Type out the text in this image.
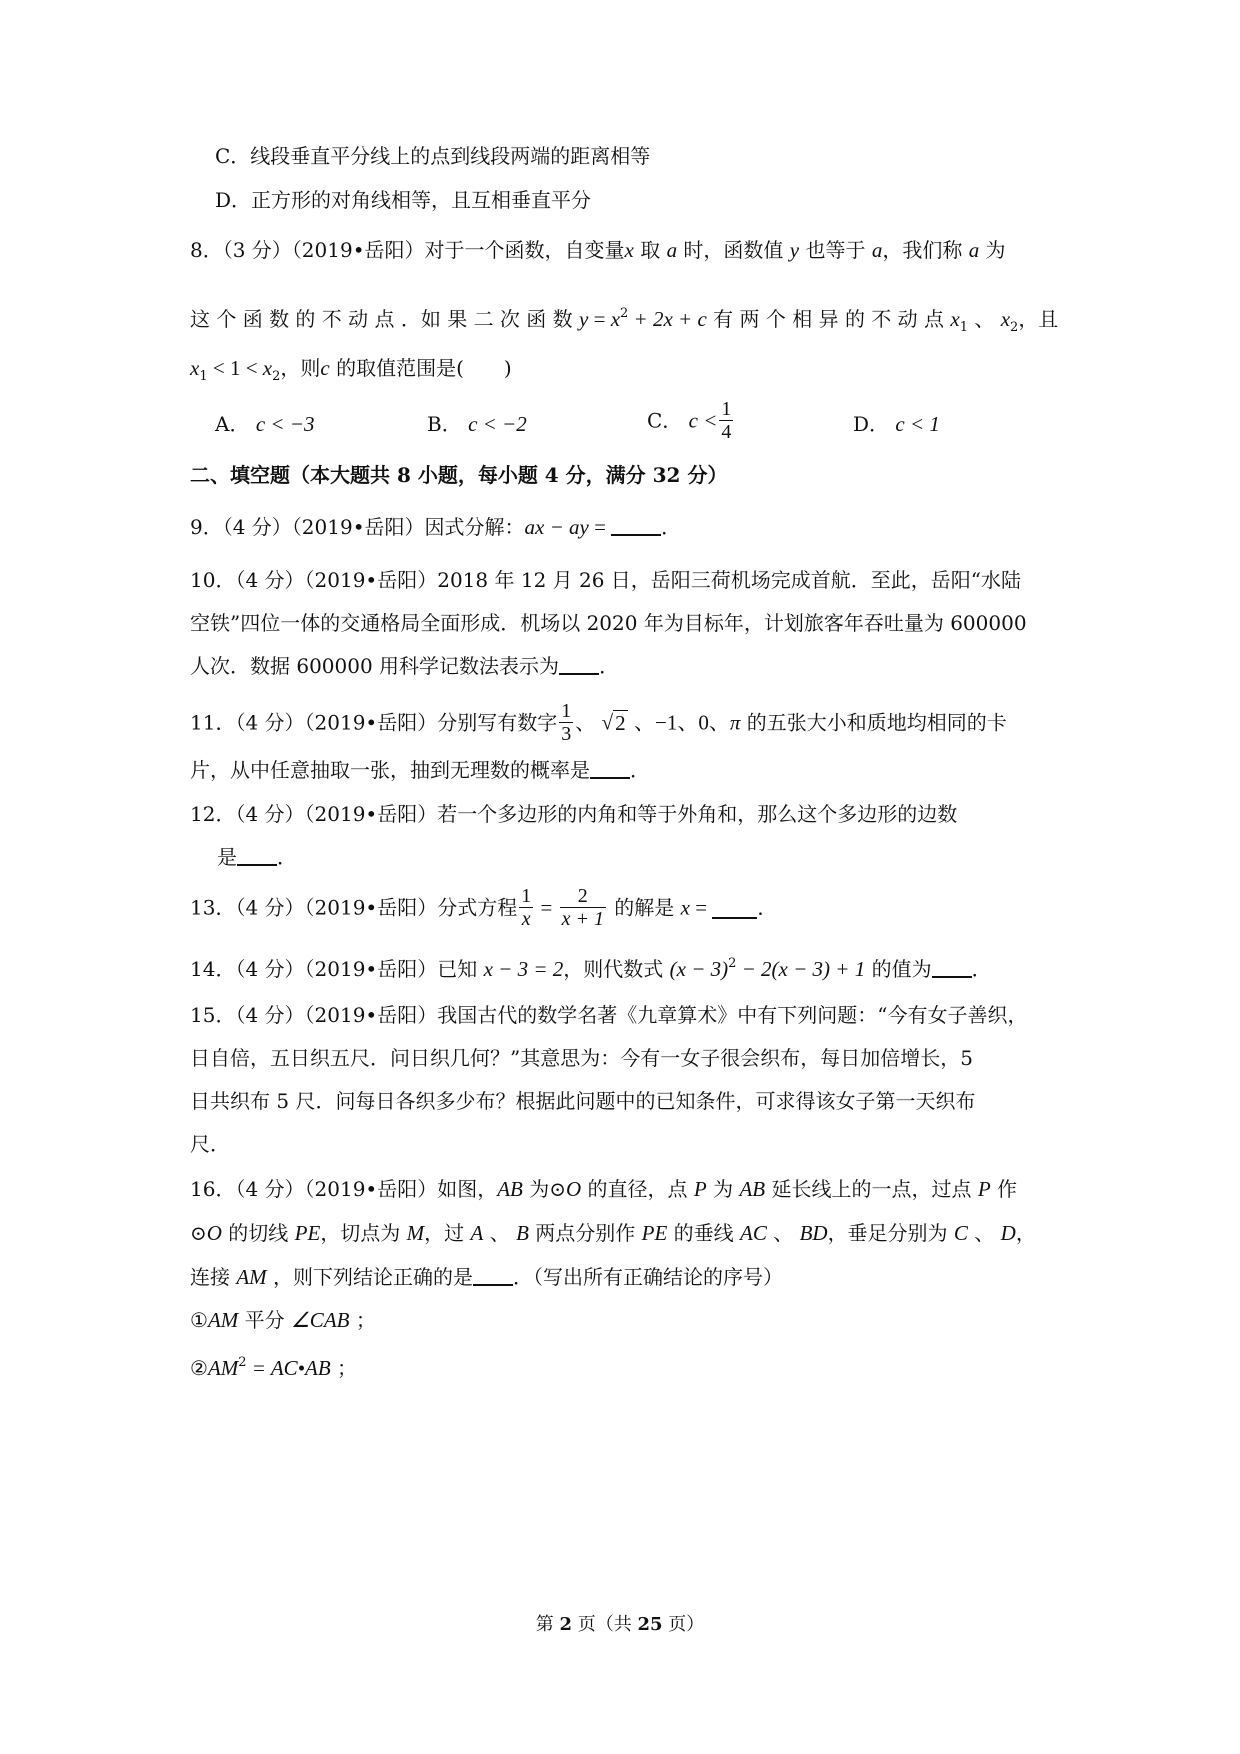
C．线段垂直平分线上的点到线段两端的距离相等
D．正方形的对角线相等，且互相垂直平分
8．（3 分）（2019•岳阳）对于一个函数，自变量x 取 a 时，函数值 y 也等于 a，我们称 a 为
这 个 函 数 的 不 动 点 ．如 果 二 次 函 数 $y = x^2 + 2x + c$ 有 两 个 相 异 的 不 动 点 $x_1$ 、 $x_2$，且
$x_1 < 1 < x_2$，则c 的取值范围是(　　)
A． c < −3	B． c < −2	C． $c < \frac{1}{4}$	D． c < 1
二、填空题（本大题共 8 小题，每小题 4 分，满分 32 分）
9．（4 分）（2019•岳阳）因式分解：ax − ay =	．
10．（4 分）（2019•岳阳）2018 年 12 月 26 日，岳阳三荷机场完成首航．至此，岳阳“水陆
空铁”四位一体的交通格局全面形成．机场以 2020 年为目标年，计划旅客年吞吐量为 600000
人次．数据 600000 用科学记数法表示为 ．
11．（4 分）（2019•岳阳）分别写有数字 $\frac{1}{3}$ 、 √2 、−1、0、π 的五张大小和质地均相同的卡
片，从中任意抽取一张，抽到无理数的概率是 ．
12．（4 分）（2019•岳阳）若一个多边形的内角和等于外角和，那么这个多边形的边数
是 ．
13．（4 分）（2019•岳阳）分式方程 $\frac{1}{x} = \frac{2}{x + 1}$ 的解是 x = ．
14．（4 分）（2019•岳阳）已知 x − 3 = 2，则代数式 $(x - 3)^2 - 2(x - 3) + 1$ 的值为 ．
15．（4 分）（2019•岳阳）我国古代的数学名著《九章算术》中有下列问题：“今有女子善织，
日自倍，五日织五尺．问日织几何？”其意思为：今有一女子很会织布，每日加倍增长，5
日共织布 5 尺．问每日各织多少布？根据此问题中的已知条件，可求得该女子第一天织布
尺．
16．（4 分）（2019•岳阳）如图，AB 为⊙O 的直径，点 P 为 AB 延长线上的一点，过点 P 作
⊙O 的切线 PE，切点为 M，过 A 、 B 两点分别作 PE 的垂线 AC 、 BD，垂足分别为 C 、 D，
连接 AM ，则下列结论正确的是 ．（写出所有正确结论的序号）
①AM 平分 ∠CAB ；
$②AM^2$ = AC•AB ；
第 2 页（共 25 页）
